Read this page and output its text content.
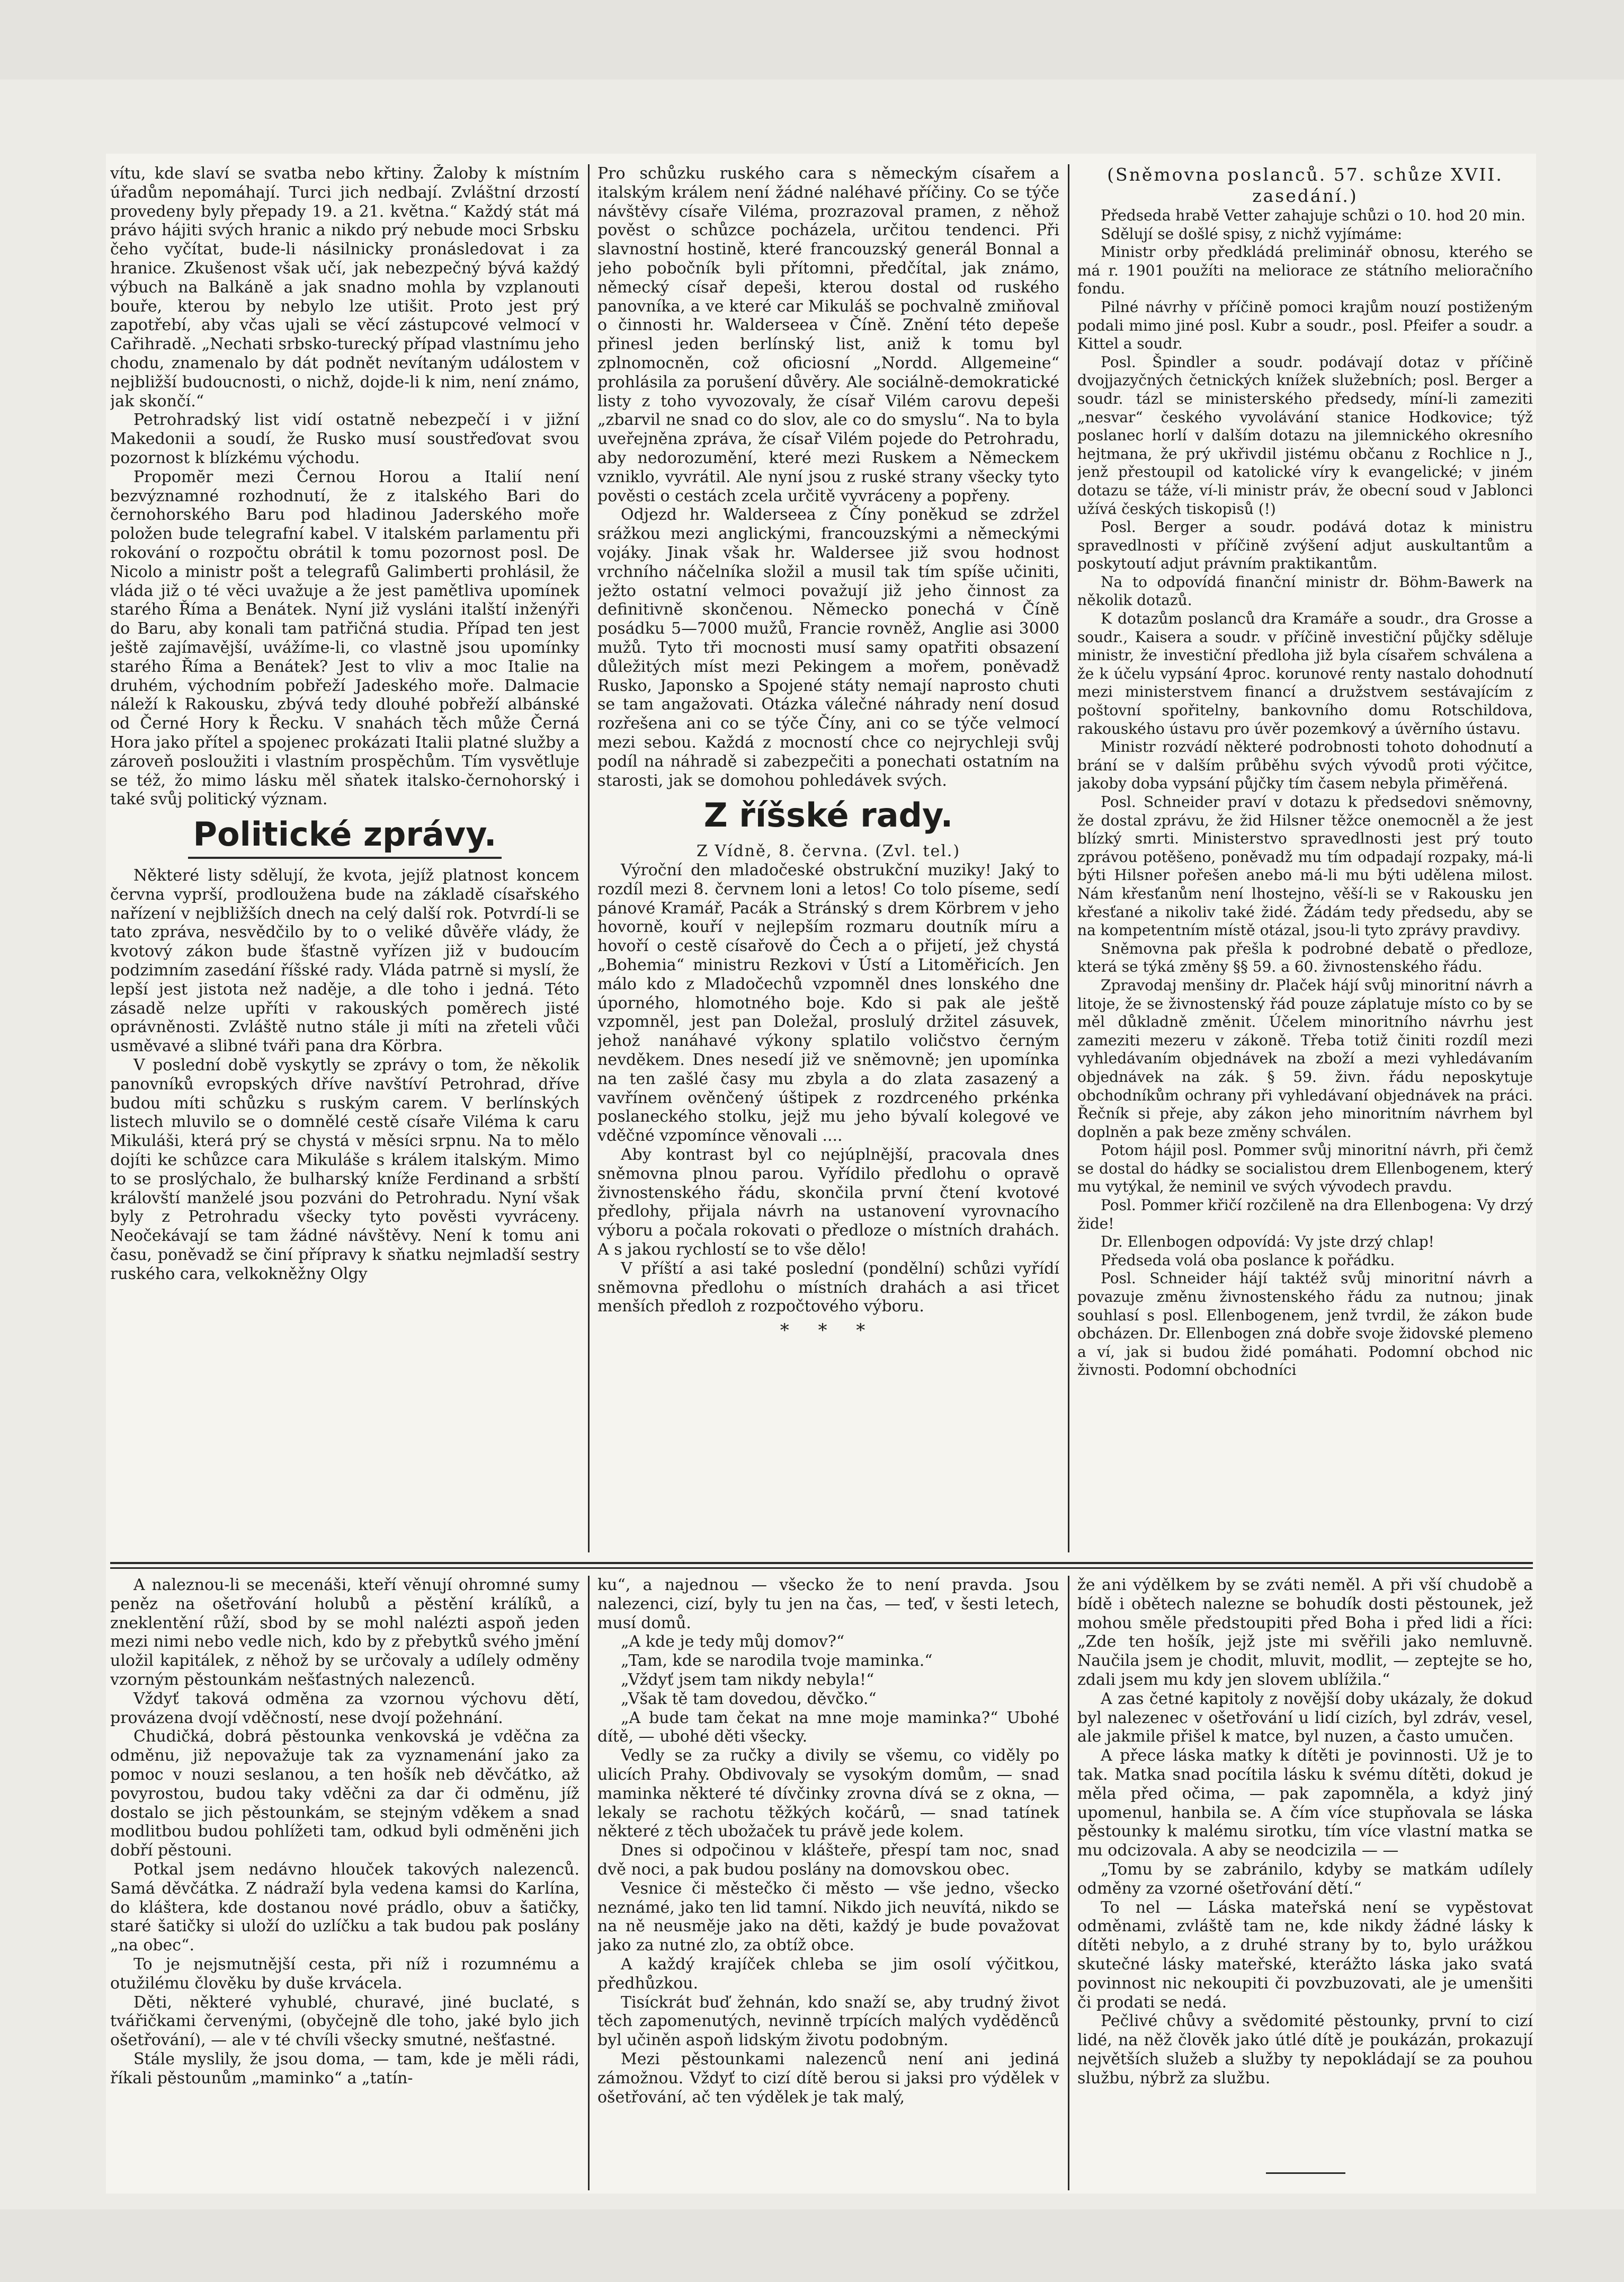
vítu, kde slaví se svatba nebo křtiny. Žaloby k místním úřadům nepomáhají. Turci jich nedbají. Zvláštní drzostí provedeny byly přepady 19. a 21. května.“ Každý stát má právo hájiti svých hranic a nikdo prý nebude moci Srbsku čeho vyčítat, bude-li násilnicky pronásledovat i za hranice. Zkušenost však učí, jak nebezpečný bývá každý výbuch na Balkáně a jak snadno mohla by vzplanouti bouře, kterou by nebylo lze utišit. Proto jest prý zapotřebí, aby včas ujali se věcí zástupcové velmocí v Cařihradě. „Nechati srbsko-turecký případ vlastnímu jeho chodu, znamenalo by dát podnět nevítaným událostem v nejbližší budoucnosti, o nichž, dojde-li k nim, není známo, jak skončí.“

Petrohradský list vidí ostatně nebezpečí i v jižní Makedonii a soudí, že Rusko musí soustřeďovat svou pozornost k blízkému východu.

Propomĕr mezi Černou Horou a Italií není bezvýznamné rozhodnutí, že z italského Bari do černohorského Baru pod hladinou Jaderského moře položen bude telegrafní kabel. V italském parlamentu při rokování o rozpočtu obrátil k tomu pozornost posl. De Nicolo a ministr pošt a telegrafů Galimberti prohlásil, že vláda již o té věci uvažuje a že jest pamětliva upomínek starého Říma a Benátek. Nyní již vysláni italští inženýři do Baru, aby konali tam patřičná studia. Případ ten jest ještě zajímavější, uvážíme-li, co vlastně jsou upomínky starého Říma a Benátek? Jest to vliv a moc Italie na druhém, východním pobřeží Jadeského moře. Dalmacie náleží k Rakousku, zbývá tedy dlouhé pobřeží albánské od Černé Hory k Řecku. V snahách těch může Černá Hora jako přítel a spojenec prokázati Italii platné služby a zároveň posloužiti i vlastním prospěchům. Tím vysvětluje se též, žo mimo lásku měl sňatek italsko-černohorský i také svůj politický význam.

Politické zprávy.

Některé listy sdělují, že kvota, jejíž platnost koncem června vyprší, prodloužena bude na základě císařského nařízení v nejbližších dnech na celý další rok. Potvrdí-li se tato zpráva, nesvědčilo by to o veliké důvěře vlády, že kvotový zákon bude šťastně vyřízen již v budoucím podzimním zasedání říšské rady. Vláda patrně si myslí, že lepší jest jistota než naděje, a dle toho i jedná. Této zásadě nelze upříti v rakouských poměrech jisté oprávněnosti. Zvláště nutno stále ji míti na zřeteli vůči usměvavé a slibné tváři pana dra Körbra.

V poslední době vyskytly se zprávy o tom, že několik panovníků evropských dříve navštíví Petrohrad, dříve budou míti schůzku s ruským carem. V berlínských listech mluvilo se o domnělé cestě císaře Viléma k caru Mikuláši, která prý se chystá v měsíci srpnu. Na to mělo dojíti ke schůzce cara Mikuláše s králem italským. Mimo to se proslýchalo, že bulharský kníže Ferdinand a srbští královští manželé jsou pozváni do Petrohradu. Nyní však byly z Petrohradu všecky tyto pověsti vyvráceny. Neočekávají se tam žádné návštěvy. Není k tomu ani času, poněvadž se činí přípravy k sňatku nejmladší sestry ruského cara, velkokněžny Olgy

Pro schůzku ruského cara s německým císařem a italským králem není žádné naléhavé příčiny. Co se týče návštěvy císaře Viléma, prozrazoval pramen, z něhož pověst o schůzce pocházela, určitou tendenci. Při slavnostní hostině, které francouzský generál Bonnal a jeho pobočník byli přítomni, předčítal, jak známo, německý císař depeši, kterou dostal od ruského panovníka, a ve které car Mikuláš se pochvalně zmiňoval o činnosti hr. Walderseea v Číně. Znění této depeše přinesl jeden berlínský list, aniž k tomu byl zplnomocněn, což oficiosní „Nordd. Allgemeine“ prohlásila za porušení důvěry. Ale sociálně-demokratické listy z toho vyvozovaly, že císař Vilém carovu depeši „zbarvil ne snad co do slov, ale co do smyslu“. Na to byla uveřejněna zpráva, že císař Vilém pojede do Petrohradu, aby nedorozumění, které mezi Ruskem a Německem vzniklo, vyvrátil. Ale nyní jsou z ruské strany všecky tyto pověsti o cestách zcela určitě vyvráceny a popřeny.

Odjezd hr. Walderseea z Číny poněkud se zdržel srážkou mezi anglickými, francouzskými a německými vojáky. Jinak však hr. Waldersee již svou hodnost vrchního náčelníka složil a musil tak tím spíše učiniti, ježto ostatní velmoci považují již jeho činnost za definitivně skončenou. Německo ponechá v Číně posádku 5—7000 mužů, Francie rovněž, Anglie asi 3000 mužů. Tyto tři mocnosti musí samy opatřiti obsazení důležitých míst mezi Pekingem a mořem, poněvadž Rusko, Japonsko a Spojené státy nemají naprosto chuti se tam angažovati. Otázka válečné náhrady není dosud rozřešena ani co se týče Číny, ani co se týče velmocí mezi sebou. Každá z mocností chce co nejrychleji svůj podíl na náhradě si zabezpečiti a ponechati ostatním na starosti, jak se domohou pohledávek svých.

Z říšské rady.

Z Vídně, 8. června. (Zvl. tel.)

Výroční den mladočeské obstrukční muziky! Jaký to rozdíl mezi 8. červnem loni a letos! Co tolo píseme, sedí pánové Kramář, Pacák a Stránský s drem Körbrem v jeho hovorně, kouří v nejlepším rozmaru doutník míru a hovoří o cestě císařově do Čech a o přijetí, jež chystá „Bohemia“ ministru Rezkovi v Ústí a Litoměřicích. Jen málo kdo z Mladočechů vzpomněl dnes lonského dne úporného, hlomotného boje. Kdo si pak ale ještě vzpomněl, jest pan Doležal, proslulý držitel zásuvek, jehož nanáhavé výkony splatilo voličstvo černým nevděkem. Dnes nesedí již ve sněmovně; jen upomínka na ten zašlé časy mu zbyla a do zlata zasazený a vavřínem ověnčený úštipek z rozdrceného prkénka poslaneckého stolku, jejž mu jeho bývalí kolegové ve vděčné vzpomínce věnovali ....

Aby kontrast byl co nejúplnější, pracovala dnes sněmovna plnou parou. Vyřídilo předlohu o opravě živnostenského řádu, skončila první čtení kvotové předlohy, přijala návrh na ustanovení vyrovnacího výboru a počala rokovati o předloze o místních drahách. A s jakou rychlostí se to vše dělo!

V příští a asi také poslední (pondělní) schůzi vyřídí sněmovna předlohu o místních drahách a asi třicet menších předloh z rozpočtového výboru.

* * *

(Sněmovna poslanců. 57. schůze XVII. zasedání.)

Předseda hrabě Vetter zahajuje schůzi o 10. hod 20 min.

Sdělují se došlé spisy, z nichž vyjímáme:

Ministr orby předkládá preliminář obnosu, kterého se má r. 1901 použíti na meliorace ze státního melioračního fondu.

Pilné návrhy v příčině pomoci krajům nouzí postiženým podali mimo jiné posl. Kubr a soudr., posl. Pfeifer a soudr. a Kittel a soudr.

Posl. Špindler a soudr. podávají dotaz v příčině dvojjazyčných četnických knížek služebních; posl. Berger a soudr. tázl se ministerského předsedy, míní-li zameziti „nesvar“ českého vyvolávání stanice Hodkovice; týž poslanec horlí v dalším dotazu na jilemnického okresního hejtmana, že prý ukřivdil jistému občanu z Rochlice n J., jenž přestoupil od katolické víry k evangelické; v jiném dotazu se táže, ví-li ministr práv, že obecní soud v Jablonci užívá českých tiskopisů (!)

Posl. Berger a soudr. podává dotaz k ministru spravedlnosti v příčině zvýšení adjut auskultantům a poskytoutí adjut právním praktikantům.

Na to odpovídá finanční ministr dr. Böhm-Bawerk na několik dotazů.

K dotazům poslanců dra Kramáře a soudr., dra Grosse a soudr., Kaisera a soudr. v příčině investiční půjčky sděluje ministr, že investiční předloha již byla císařem schválena a že k účelu vypsání 4proc. korunové renty nastalo dohodnutí mezi ministerstvem financí a družstvem sestávajícím z poštovní spořitelny, bankovního domu Rotschildova, rakouského ústavu pro úvěr pozemkový a úvěrního ústavu.

Ministr rozvádí některé podrobnosti tohoto dohodnutí a brání se v dalším průběhu svých vývodů proti výčitce, jakoby doba vypsání půjčky tím časem nebyla přiměřená.

Posl. Schneider praví v dotazu k předsedovi sněmovny, že dostal zprávu, že žid Hilsner těžce onemocněl a že jest blízký smrti. Ministerstvo spravedlnosti jest prý touto zprávou potěšeno, poněvadž mu tím odpadají rozpaky, má-li býti Hilsner pořešen anebo má-li mu býti udělena milost. Nám křesťanům není lhostejno, věší-li se v Rakousku jen křesťané a nikoliv také židé. Žádám tedy předsedu, aby se na kompetentním místě otázal, jsou-li tyto zprávy pravdivy.

Sněmovna pak přešla k podrobné debatě o předloze, která se týká změny §§ 59. a 60. živnostenského řádu.

Zpravodaj menšiny dr. Plaček hájí svůj minoritní návrh a litoje, že se živnostenský řád pouze záplatuje místo co by se měl důkladně změnit. Účelem minoritního návrhu jest zameziti mezeru v zákoně. Třeba totiž činiti rozdíl mezi vyhledávaním objednávek na zboží a mezi vyhledávaním objednávek na zák. § 59. živn. řádu neposkytuje obchodníkům ochrany při vyhledávaní objednávek na práci. Řečník si přeje, aby zákon jeho minoritním návrhem byl doplněn a pak beze změny schválen.

Potom hájil posl. Pommer svůj minoritní návrh, při čemž se dostal do hádky se socialistou drem Ellenbogenem, který mu vytýkal, že neminil ve svých vývodech pravdu.

Posl. Pommer křičí rozčileně na dra Ellenbogena: Vy drzý žide!

Dr. Ellenbogen odpovídá: Vy jste drzý chlap!

Předseda volá oba poslance k pořádku.

Posl. Schneider hájí taktéž svůj minoritní návrh a povazuje změnu živnostenského řádu za nutnou; jinak souhlasí s posl. Ellenbogenem, jenž tvrdil, že zákon bude obcházen. Dr. Ellenbogen zná dobře svoje židovské plemeno a ví, jak si budou židé pomáhati. Podomní obchod nic živnosti. Podomní obchodníci

A naleznou-li se mecenáši, kteří věnují ohromné sumy peněz na ošetřování holubů a pěstění králíků, a zneklentění růží, sbod by se mohl nalézti aspoň jeden mezi nimi nebo vedle nich, kdo by z přebytků svého jmění uložil kapitálek, z něhož by se určovaly a udílely odměny vzorným pěstounkám nešťastných nalezenců.

Vždyť taková odměna za vzornou výchovu dětí, provázena dvojí vděčností, nese dvojí požehnání.

Chudičká, dobrá pěstounka venkovská je vděčna za odměnu, již nepovažuje tak za vyznamenání jako za pomoc v nouzi seslanou, a ten hošík neb děvčátko, až povyrostou, budou taky vděčni za dar či odměnu, jíž dostalo se jich pěstounkám, se stejným vděkem a snad modlitbou budou pohlížeti tam, odkud byli odměněni jich dobří pěstouni.

Potkal jsem nedávno hlouček takových nalezenců. Samá děvčátka. Z nádraží byla vedena kamsi do Karlína, do kláštera, kde dostanou nové prádlo, obuv a šatičky, staré šatičky si uloží do uzlíčku a tak budou pak poslány „na obec“.

To je nejsmutnější cesta, při níž i rozumnému a otužilému člověku by duše krvácela.

Děti, některé vyhublé, churavé, jiné buclaté, s tvářičkami červenými, (obyčejně dle toho, jaké bylo jich ošetřování), — ale v té chvíli všecky smutné, nešťastné.

Stále myslily, že jsou doma, — tam, kde je měli rádi, říkali pěstounům „maminko“ a „tatín-

ku“, a najednou — všecko že to není pravda. Jsou nalezenci, cizí, byly tu jen na čas, — teď, v šesti letech, musí domů.

„A kde je tedy můj domov?“

„Tam, kde se narodila tvoje maminka.“

„Vždyť jsem tam nikdy nebyla!“

„Však tě tam dovedou, děvčko.“

„A bude tam čekat na mne moje maminka?“ Ubohé dítě, — ubohé děti všecky.

Vedly se za ručky a divily se všemu, co viděly po ulicích Prahy. Obdivovaly se vysokým domům, — snad maminka některé té dívčinky zrovna dívá se z okna, — lekaly se rachotu těžkých kočárů, — snad tatínek některé z těch ubožaček tu právě jede kolem.

Dnes si odpočinou v klášteře, přespí tam noc, snad dvě noci, a pak budou poslány na domovskou obec.

Vesnice či městečko či město — vše jedno, všecko neznámé, jako ten lid tamní. Nikdo jich neuvítá, nikdo se na ně neusměje jako na děti, každý je bude považovat jako za nutné zlo, za obtíž obce.

A každý krajíček chleba se jim osolí výčitkou, předhůzkou.

Tisíckrát buď žehnán, kdo snaží se, aby trudný život těch zapomenutých, nevinně trpících malých vyděděnců byl učiněn aspoň lidským životu podobným.

Mezi pěstounkami nalezenců není ani jediná zámožnou. Vždyť to cizí dítě berou si jaksi pro výdělek v ošetřování, ač ten výdělek je tak malý,

že ani výdělkem by se zváti neměl. A při vší chudobě a bídě i obětech nalezne se bohudík dosti pěstounek, jež mohou směle předstoupiti před Boha i před lidi a říci: „Zde ten hošík, jejž jste mi svěřili jako nemluvně. Naučila jsem je chodit, mluvit, modlit, — zeptejte se ho, zdali jsem mu kdy jen slovem ublížila.“

A zas četné kapitoly z novější doby ukázaly, že dokud byl nalezenec v ošetřování u lidí cizích, byl zdráv, vesel, ale jakmile přišel k matce, byl nuzen, a často umučen.

A přece láska matky k dítěti je povinnosti. Už je to tak. Matka snad pocítila lásku k svému dítěti, dokud je měla před očima, — pak zapomněla, a kdyż jiný upomenul, hanbila se. A čím více stupňovala se láska pěstounky k malému sirotku, tím více vlastní matka se mu odcizovala. A aby se neodcizila — —

„Tomu by se zabránilo, kdyby se matkám udílely odměny za vzorné ošetřování dětí.“

To nel — Láska mateřská není se vypěstovat odměnami, zvláště tam ne, kde nikdy žádné lásky k dítěti nebylo, a z druhé strany by to, bylo urážkou skutečné lásky mateřské, kterážto láska jako svatá povinnost nic nekoupiti či povzbuzovati, ale je umenšiti či prodati se nedá.

Pečlivé chůvy a svědomité pěstounky, první to cizí lidé, na něž člověk jako útlé dítě je poukázán, prokazují největších služeb a služby ty nepokládají se za pouhou službu, nýbrž za službu.
